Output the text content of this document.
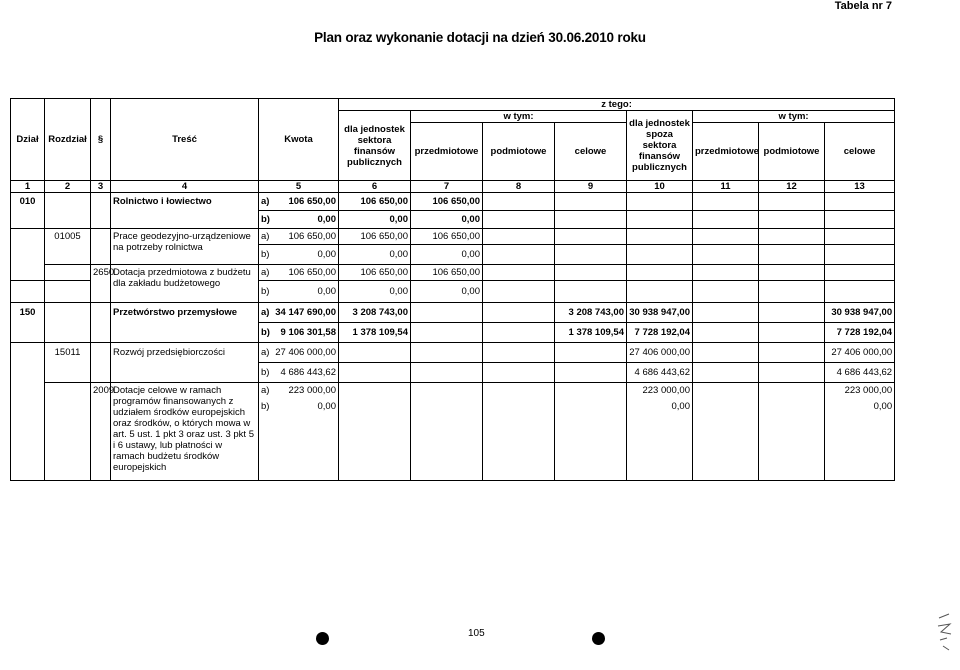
Tabela nr 7
Plan oraz wykonanie dotacji na dzień 30.06.2010 roku
Dział	Rozdział	§	Treść	Kwota		z tego:							
						dla jednostek sektora finansów publicznych	w tym:			dla jednostek spoza sektora finansów publicznych	w tym:		
							przedmiotowe	podmiotowe	celowe		przedmiotowe	podmiotowe	celowe
1	2	3	4	5		6	7	8	9	10	11	12	13
010			Rolnictwo i łowiectwo	a)	106 650,00	106 650,00	106 650,00						
				b)	0,00	0,00	0,00						
	01005		Prace geodezyjno-urządzeniowe na potrzeby rolnictwa	a)	106 650,00	106 650,00	106 650,00						
				b)	0,00	0,00	0,00						
		2650	Dotacja przedmiotowa z budżetu dla zakładu budżetowego	a)	106 650,00	106 650,00	106 650,00						
				b)	0,00	0,00	0,00						
150			Przetwórstwo przemysłowe	a)	34 147 690,00	3 208 743,00			3 208 743,00	30 938 947,00			30 938 947,00
				b)	9 106 301,58	1 378 109,54			1 378 109,54	7 728 192,04			7 728 192,04
	15011		Rozwój przedsiębiorczości	a)	27 406 000,00					27 406 000,00			27 406 000,00
				b)	4 686 443,62					4 686 443,62			4 686 443,62
		2009	Dotacje celowe w ramach programów finansowanych z udziałem środków europejskich oraz środków, o których mowa w art. 5 ust. 1 pkt 3 oraz ust. 3 pkt 5 i 6 ustawy, lub płatności w ramach budżetu środków europejskich	a)	223 000,00					223 000,00			223 000,00
				b)	0,00					0,00			0,00
105
